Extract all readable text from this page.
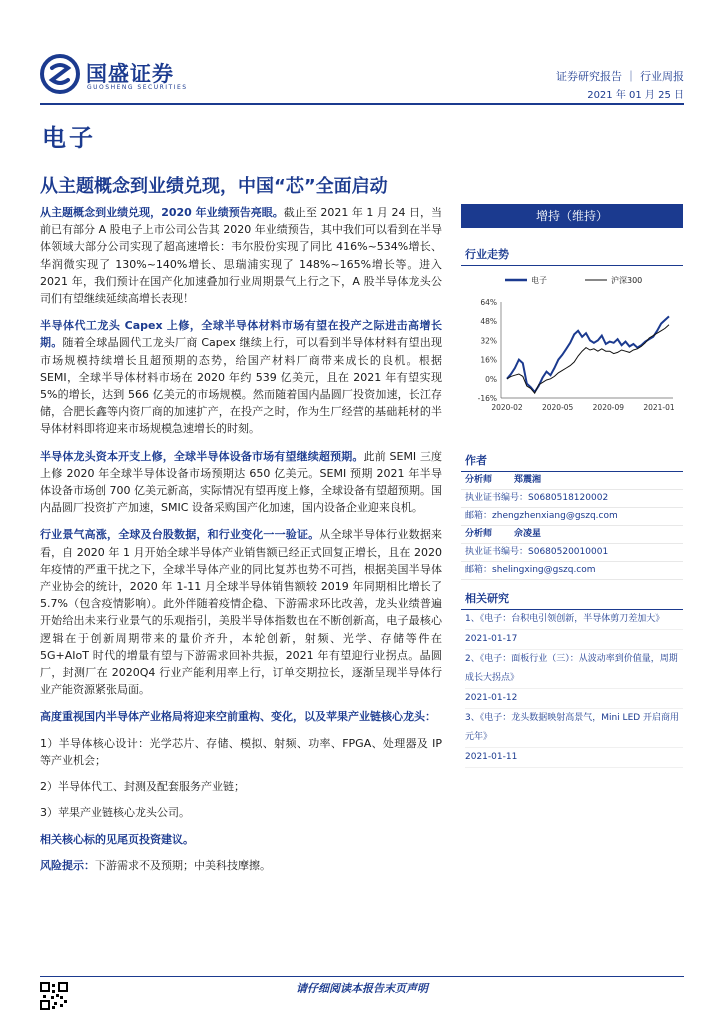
国盛证券
GUOSHENG SECURITIES
证券研究报告 ｜ 行业周报
2021 年 01 月 25 日
电子
从主题概念到业绩兑现，中国“芯”全面启动

从主题概念到业绩兑现，2020 年业绩预告亮眼。截止至 2021 年 1 月 24 日，当前已有部分 A 股电子上市公司公告其 2020 年业绩预告，其中我们可以看到在半导体领域大部分公司实现了超高速增长：韦尔股份实现了同比 416%~534%增长、华润微实现了 130%~140%增长、思瑞浦实现了 148%~165%增长等。进入 2021 年，我们预计在国产化加速叠加行业周期景气上行之下，A 股半导体龙头公司们有望继续延续高增长表现！

半导体代工龙头 Capex 上修，全球半导体材料市场有望在投产之际进击高增长期。随着全球晶圆代工龙头厂商 Capex 继续上行，可以看到半导体材料有望出现市场规模持续增长且超预期的态势，给国产材料厂商带来成长的良机。根据 SEMI，全球半导体材料市场在 2020 年约 539 亿美元，且在 2021 年有望实现 5%的增长，达到 566 亿美元的市场规模。然而随着国内晶圆厂投资加速，长江存储，合肥长鑫等内资厂商的加速扩产，在投产之时，作为生厂经营的基础耗材的半导体材料即将迎来市场规模急速增长的时刻。

半导体龙头资本开支上修，全球半导体设备市场有望继续超预期。此前 SEMI 三度上修 2020 年全球半导体设备市场预期达 650 亿美元。SEMI 预期 2021 年半导体设备市场创 700 亿美元新高，实际情况有望再度上修，全球设备有望超预期。国内晶圆厂投资扩产加速，SMIC 设备采购国产化加速，国内设备企业迎来良机。

行业景气高涨，全球及台股数据，和行业变化一一验证。从全球半导体行业数据来看，自 2020 年 1 月开始全球半导体产业销售额已经正式回复正增长，且在 2020 年疫情的严重干扰之下，全球半导体产业的同比复苏也势不可挡，根据美国半导体产业协会的统计，2020 年 1-11 月全球半导体销售额较 2019 年同期相比增长了 5.7%（包含疫情影响）。此外伴随着疫情企稳、下游需求环比改善，龙头业绩普遍开始给出未来行业景气的乐观指引，美股半导体指数也在不断创新高，电子最核心逻辑在于创新周期带来的量价齐升，本轮创新，射频、光学、存储等件在 5G+AIoT 时代的增量有望与下游需求回补共振，2021 年有望迎行业拐点。晶圆厂，封测厂在 2020Q4 行业产能利用率上行，订单交期拉长，逐渐呈现半导体行业产能资源紧张局面。

高度重视国内半导体产业格局将迎来空前重构、变化，以及苹果产业链核心龙头：

1）半导体核心设计：光学芯片、存储、模拟、射频、功率、FPGA、处理器及 IP 等产业机会；

2）半导体代工、封测及配套服务产业链；

3）苹果产业链核心龙头公司。

相关核心标的见尾页投资建议。

风险提示：下游需求不及预期；中美科技摩擦。

增持（维持）
行业走势
64%
48%
32%
16%
0%
-16%
2020-02	2020-05	2020-09	2021-01
电子	沪深300
作者
分析师 郑震湘
执业证书编号：S0680518120002
邮箱：zhengzhenxiang@gszq.com
分析师 佘凌星
执业证书编号：S0680520010001
邮箱：shelingxing@gszq.com
相关研究
1、《电子：台积电引领创新，半导体剪刀差加大》
2021-01-17
2、《电子：面板行业（三）：从波动率到价值量，周期成长大拐点》
2021-01-12
3、《电子：龙头数据映射高景气，Mini LED 开启商用元年》
2021-01-11
请仔细阅读本报告末页声明
